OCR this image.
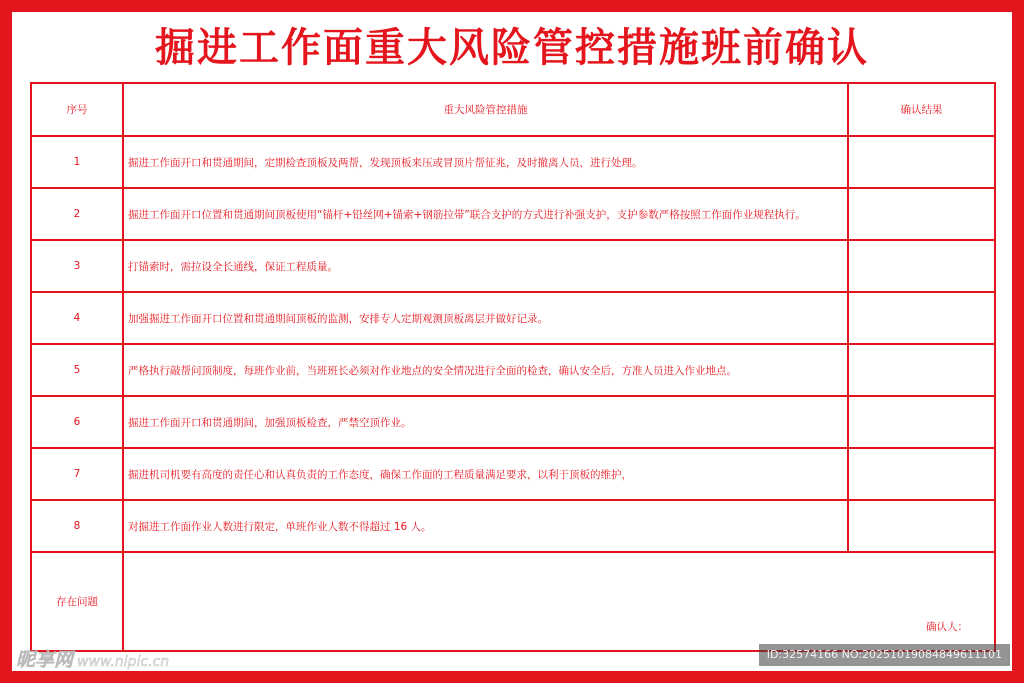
掘进工作面重大风险管控措施班前确认
序号	重大风险管控措施	确认结果
1	掘进工作面开口和贯通期间，定期检查顶板及两帮，发现顶板来压或冒顶片帮征兆，及时撤离人员，进行处理。	
2	掘进工作面开口位置和贯通期间顶板使用“锚杆+铅丝网+锚索+钢筋拉带”联合支护的方式进行补强支护，支护参数严格按照工作面作业规程执行。	
3	打锚索时，需拉设全长通线，保证工程质量。	
4	加强掘进工作面开口位置和贯通期间顶板的监测，安排专人定期观测顶板离层并做好记录。	
5	严格执行敲帮问顶制度，每班作业前，当班班长必须对作业地点的安全情况进行全面的检查，确认安全后，方准人员进入作业地点。	
6	掘进工作面开口和贯通期间，加强顶板检查，严禁空顶作业。	
7	掘进机司机要有高度的责任心和认真负责的工作态度，确保工作面的工程质量满足要求，以利于顶板的维护，	
8	对掘进工作面作业人数进行限定，单班作业人数不得超过 16 人。	
存在问题	确认人：	
昵享网 www.nipic.cn	ID:32574166 NO:20251019084849611101
